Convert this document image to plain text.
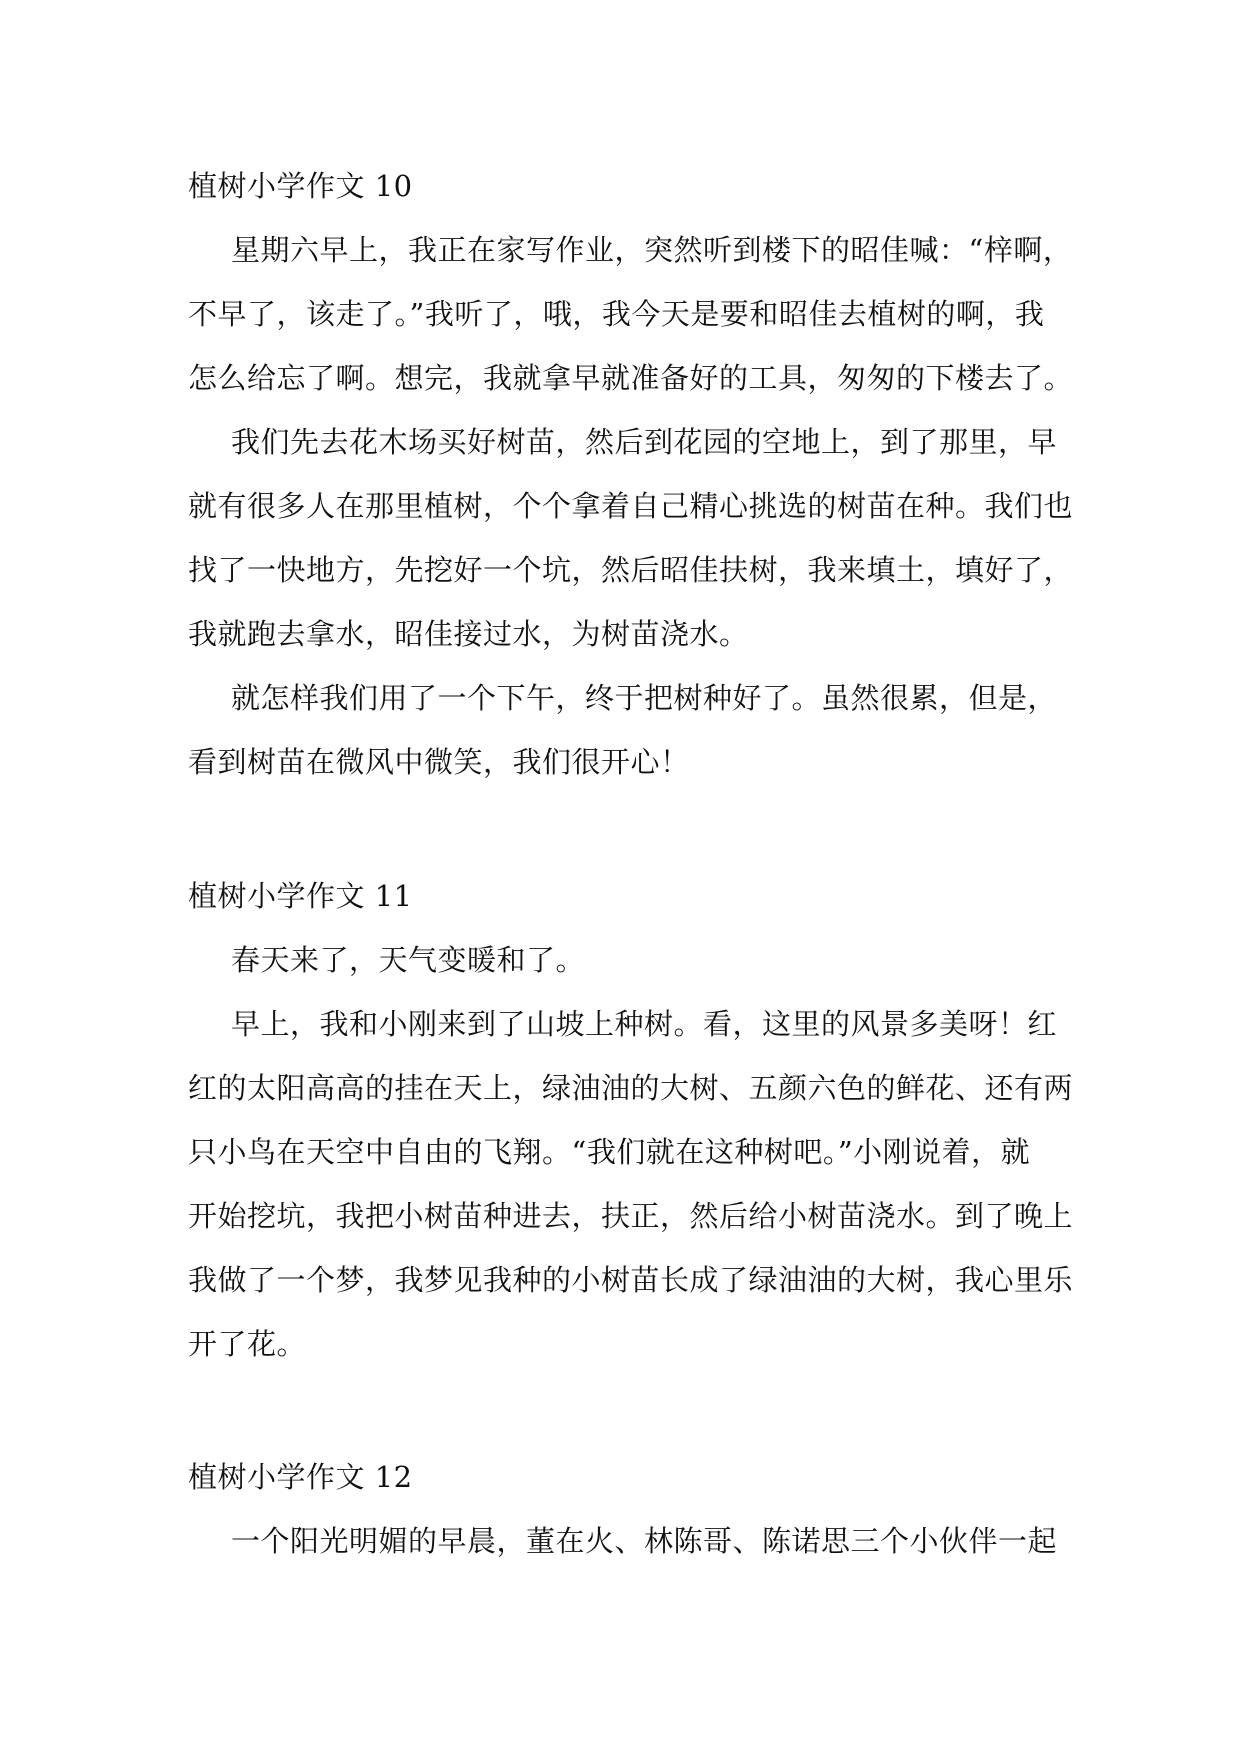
植树小学作文 10
星期六早上，我正在家写作业，突然听到楼下的昭佳喊：“梓啊，
不早了，该走了。”我听了，哦，我今天是要和昭佳去植树的啊，我
怎么给忘了啊。想完，我就拿早就准备好的工具，匆匆的下楼去了。
我们先去花木场买好树苗，然后到花园的空地上，到了那里，早
就有很多人在那里植树，个个拿着自己精心挑选的树苗在种。我们也
找了一快地方，先挖好一个坑，然后昭佳扶树，我来填土，填好了，
我就跑去拿水，昭佳接过水，为树苗浇水。
就怎样我们用了一个下午，终于把树种好了。虽然很累，但是，
看到树苗在微风中微笑，我们很开心！
植树小学作文 11
春天来了，天气变暖和了。
早上，我和小刚来到了山坡上种树。看，这里的风景多美呀！红
红的太阳高高的挂在天上，绿油油的大树、五颜六色的鲜花、还有两
只小鸟在天空中自由的飞翔。“我们就在这种树吧。”小刚说着，就
开始挖坑，我把小树苗种进去，扶正，然后给小树苗浇水。到了晚上
我做了一个梦，我梦见我种的小树苗长成了绿油油的大树，我心里乐
开了花。
植树小学作文 12
一个阳光明媚的早晨，董在火、林陈哥、陈诺思三个小伙伴一起
